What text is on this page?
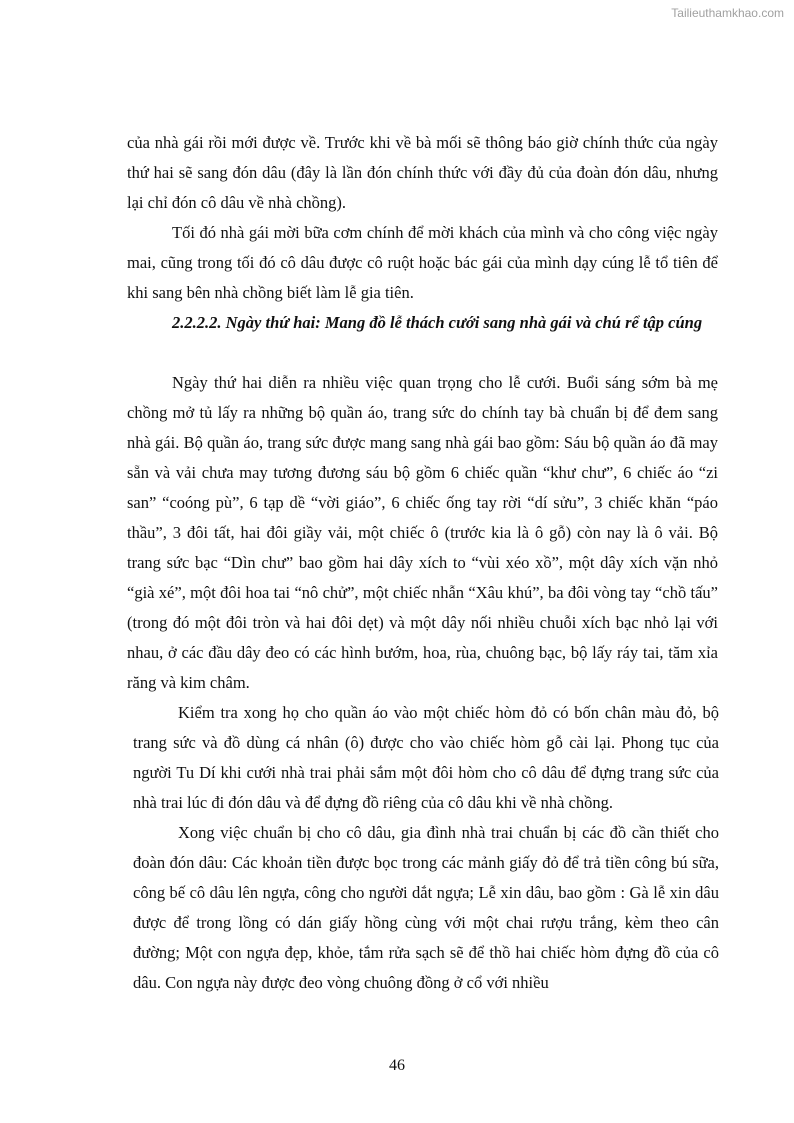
Tailieuthamkhao.com
của nhà gái rồi mới được về. Trước khi về bà mối sẽ thông báo giờ chính thức của ngày thứ hai sẽ sang đón dâu (đây là lần đón chính thức với đầy đủ của đoàn đón dâu, nhưng lại chỉ đón cô dâu về nhà chồng).
Tối đó nhà gái mời bữa cơm chính để mời khách của mình và cho công việc ngày mai, cũng trong tối đó cô dâu được cô ruột hoặc bác gái của mình dạy cúng lễ tổ tiên để khi sang bên nhà chồng biết làm lễ gia tiên.
2.2.2.2. Ngày thứ hai: Mang đồ lễ thách cưới sang nhà gái và chú rể tập cúng
Ngày thứ hai diễn ra nhiều việc quan trọng cho lễ cưới. Buổi sáng sớm bà mẹ chồng mở tủ lấy ra những bộ quần áo, trang sức do chính tay bà chuẩn bị để đem sang nhà gái. Bộ quần áo, trang sức được mang sang nhà gái bao gồm: Sáu bộ quần áo đã may sẵn và vải chưa may tương đương sáu bộ gồm 6 chiếc quần “khư chư”, 6 chiếc áo “zi san” “coóng pù”, 6 tạp dề “vời giáo”, 6 chiếc ống tay rời “dí sửu”, 3 chiếc khăn “páo thầu”, 3 đôi tất, hai đôi giầy vải, một chiếc ô (trước kia là ô gỗ) còn nay là ô vải. Bộ trang sức bạc “Dìn chư” bao gồm hai dây xích to “vùi xéo xồ”, một dây xích vặn nhỏ “già xé”, một đôi hoa tai “nô chử”, một chiếc nhẫn “Xâu khú”, ba đôi vòng tay “chồ tấu” (trong đó một đôi tròn và hai đôi dẹt) và một dây nối nhiều chuỗi xích bạc nhỏ lại với nhau, ở các đầu dây đeo có các hình bướm, hoa, rùa, chuông bạc, bộ lấy ráy tai, tăm xỉa răng và kim châm.
Kiểm tra xong họ cho quần áo vào một chiếc hòm đỏ có bốn chân màu đỏ, bộ trang sức và đồ dùng cá nhân (ô) được cho vào chiếc hòm gỗ cài lại. Phong tục của người Tu Dí khi cưới nhà trai phải sắm một đôi hòm cho cô dâu để đựng trang sức của nhà trai lúc đi đón dâu và để đựng đồ riêng của cô dâu khi về nhà chồng.
Xong việc chuẩn bị cho cô dâu, gia đình nhà trai chuẩn bị các đồ cần thiết cho đoàn đón dâu: Các khoản tiền được bọc trong các mảnh giấy đỏ để trả tiền công bú sữa, công bế cô dâu lên ngựa, công cho người dắt ngựa; Lễ xin dâu, bao gồm : Gà lễ xin dâu được để trong lồng có dán giấy hồng cùng với một chai rượu trắng, kèm theo cân đường; Một con ngựa đẹp, khỏe, tắm rửa sạch sẽ để thồ hai chiếc hòm đựng đồ của cô dâu. Con ngựa này được đeo vòng chuông đồng ở cổ với nhiều
46
